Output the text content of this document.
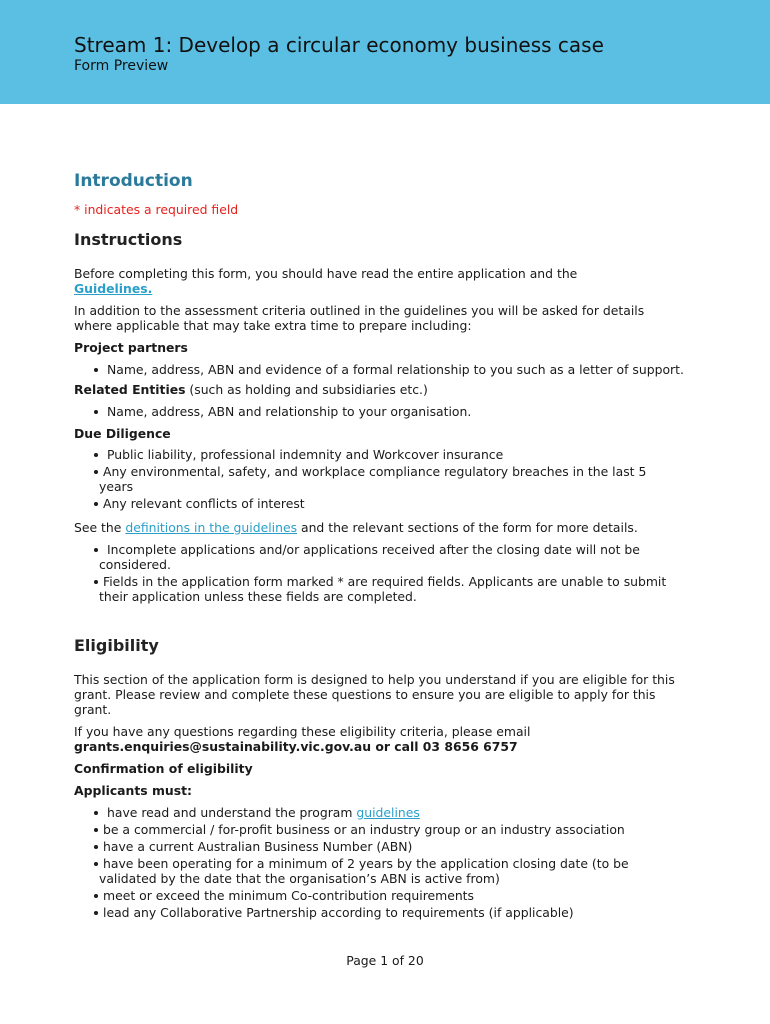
Stream 1: Develop a circular economy business case
Form Preview
Introduction
* indicates a required field
Instructions

Before completing this form, you should have read the entire application and the
Guidelines.

In addition to the assessment criteria outlined in the guidelines you will be asked for details where applicable that may take extra time to prepare including:

Project partners

Name, address, ABN and evidence of a formal relationship to you such as a letter of support.

Related Entities (such as holding and subsidiaries etc.)

Name, address, ABN and relationship to your organisation.

Due Diligence

Public liability, professional indemnity and Workcover insurance
Any environmental, safety, and workplace compliance regulatory breaches in the last 5 years
Any relevant conflicts of interest

See the definitions in the guidelines and the relevant sections of the form for more details.

Incomplete applications and/or applications received after the closing date will not be considered.
Fields in the application form marked * are required fields. Applicants are unable to submit their application unless these fields are completed.
Eligibility

This section of the application form is designed to help you understand if you are eligible for this grant. Please review and complete these questions to ensure you are eligible to apply for this grant.

If you have any questions regarding these eligibility criteria, please email
grants.enquiries@sustainability.vic.gov.au or call 03 8656 6757

Confirmation of eligibility

Applicants must:

have read and understand the program guidelines
be a commercial / for-profit business or an industry group or an industry association
have a current Australian Business Number (ABN)
have been operating for a minimum of 2 years by the application closing date (to be validated by the date that the organisation’s ABN is active from)
meet or exceed the minimum Co-contribution requirements
lead any Collaborative Partnership according to requirements (if applicable)
Page 1 of 20
